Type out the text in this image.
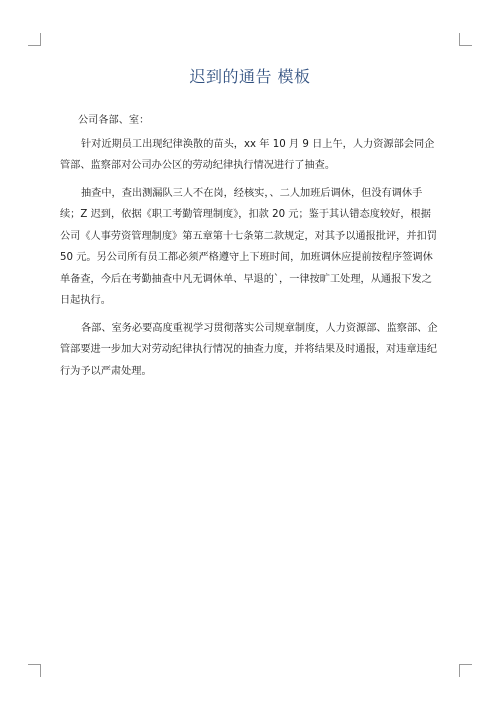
迟到的通告 模板

公司各部、室：

针对近期员工出现纪律涣散的苗头，xx 年 10 月 9 日上午，人力资源部会同企管部、监察部对公司办公区的劳动纪律执行情况进行了抽查。

抽查中，查出测漏队三人不在岗，经核实，、二人加班后调休，但没有调休手续；Z 迟到，依据《职工考勤管理制度》，扣款 20 元；鉴于其认错态度较好，根据公司《人事劳资管理制度》第五章第十七条第二款规定，对其予以通报批评，并扣罚 50 元。另公司所有员工都必须严格遵守上下班时间，加班调休应提前按程序签调休单备查，今后在考勤抽查中凡无调休单、早退的`，一律按旷工处理，从通报下发之日起执行。

各部、室务必要高度重视学习贯彻落实公司规章制度，人力资源部、监察部、企管部要进一步加大对劳动纪律执行情况的抽查力度，并将结果及时通报，对违章违纪行为予以严肃处理。
